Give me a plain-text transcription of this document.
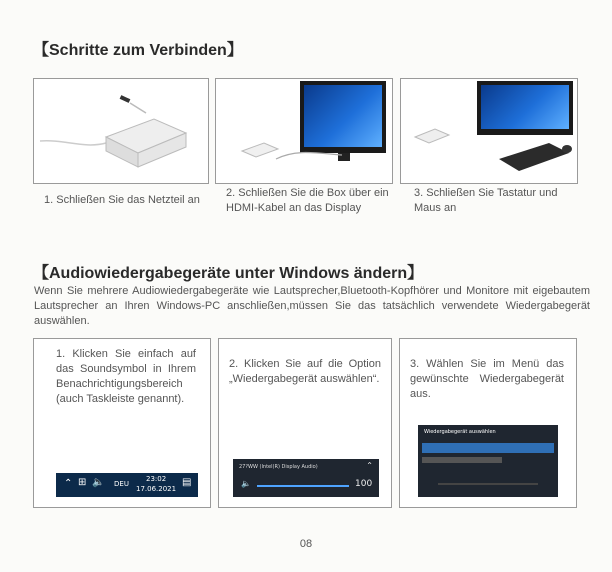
【Schritte zum Verbinden】
1. Schließen Sie das Netzteil an
2. Schließen Sie die Box über ein HDMI-Kabel an das Display
3. Schließen Sie Tastatur und Maus an
【Audiowiedergabegeräte unter Windows ändern】
Wenn Sie mehrere Audiowiedergabegeräte wie Lautsprecher,Bluetooth-Kopfhörer und Monitore mit eigebautem Lautsprecher an Ihren Windows-PC anschließen,müssen Sie das tatsächlich verwendete Wiedergabegerät auswählen.
1. Klicken Sie einfach auf das Soundsymbol in Ihrem Benachrichtigungsbereich (auch Taskleiste genannt).
⌃ ⊞ 🔈 DEU
23:02
17.06.2021
▤
2. Klicken Sie auf die Option „Wiedergabegerät auswählen“.
27?WW (Intel(R) Display Audio)	⌃
🔈	100
3. Wählen Sie im Menü das gewünschte Wiedergabegerät aus.
Wiedergabegerät auswählen
08
